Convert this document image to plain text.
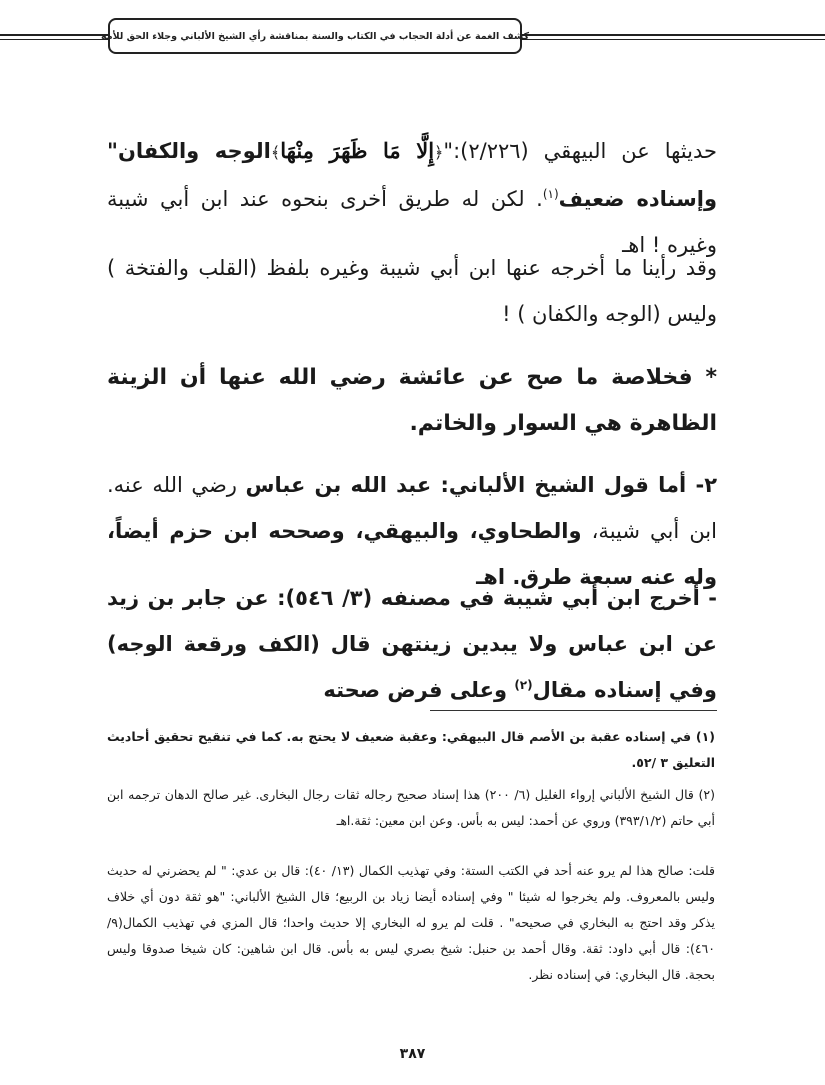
كشف الغمة عن أدلة الحجاب في الكتاب والسنة بمناقشة رأي الشيخ الألباني وجلاء الحق للأمة

حديثها عن البيهقي (٢/٢٢٦):"﴿إِلَّا مَا ظَهَرَ مِنْهَا﴾الوجه والكفان" وإسناده ضعيف$^{(١)}$. لكن له طريق أخرى بنحوه عند ابن أبي شيبة وغيره ! اهـ

وقد رأينا ما أخرجه عنها ابن أبي شيبة وغيره بلفظ (القلب والفتخة ) وليس (الوجه والكفان ) !

* فخلاصة ما صح عن عائشة رضي الله عنها أن الزينة الظاهرة هي السوار والخاتم.

٢- أما قول الشيخ الألباني: عبد الله بن عباس رضي الله عنه. ابن أبي شيبة، والطحاوي، والبيهقي، وصححه ابن حزم أيضاً، وله عنه سبعة طرق. اهـ

- أخرج ابن أبي شيبة في مصنفه (٣/ ٥٤٦): عن جابر بن زيد عن ابن عباس ولا يبدين زينتهن قال (الكف ورقعة الوجه) وفي إسناده مقال$^{(٢)}$ وعلى فرض صحته

(١) في إسناده عقبة بن الأصم قال البيهقي: وعقبة ضعيف لا يحتج به. كما في تنقيح تحقيق أحاديث التعليق ٣ /٥٢.

(٢) قال الشيخ الألباني إرواء الغليل (٦/ ٢٠٠) هذا إسناد صحيح رجاله ثقات رجال البخارى. غير صالح الدهان ترجمه ابن أبي حاتم (٣٩٣/١/٢) وروي عن أحمد: ليس به بأس. وعن ابن معين: ثقة.اهـ

قلت: صالح هذا لم يرو عنه أحد في الكتب الستة: وفي تهذيب الكمال (١٣/ ٤٠): قال بن عدي: " لم يحضرني له حديث وليس بالمعروف. ولم يخرجوا له شيئا " وفي إسناده أيضا زياد بن الربيع؛ قال الشيخ الألباني: "هو ثقة دون أي خلاف يذكر وقد احتج به البخاري في صحيحه" . قلت لم يرو له البخاري إلا حديث واحدا؛ قال المزي في تهذيب الكمال(٩/ ٤٦٠): قال أبي داود: ثقة. وقال أحمد بن حنبل: شيخ بصري ليس به بأس. قال ابن شاهين: كان شيخا صدوقا وليس بحجة. قال البخاري: في إسناده نظر.

٣٨٧
